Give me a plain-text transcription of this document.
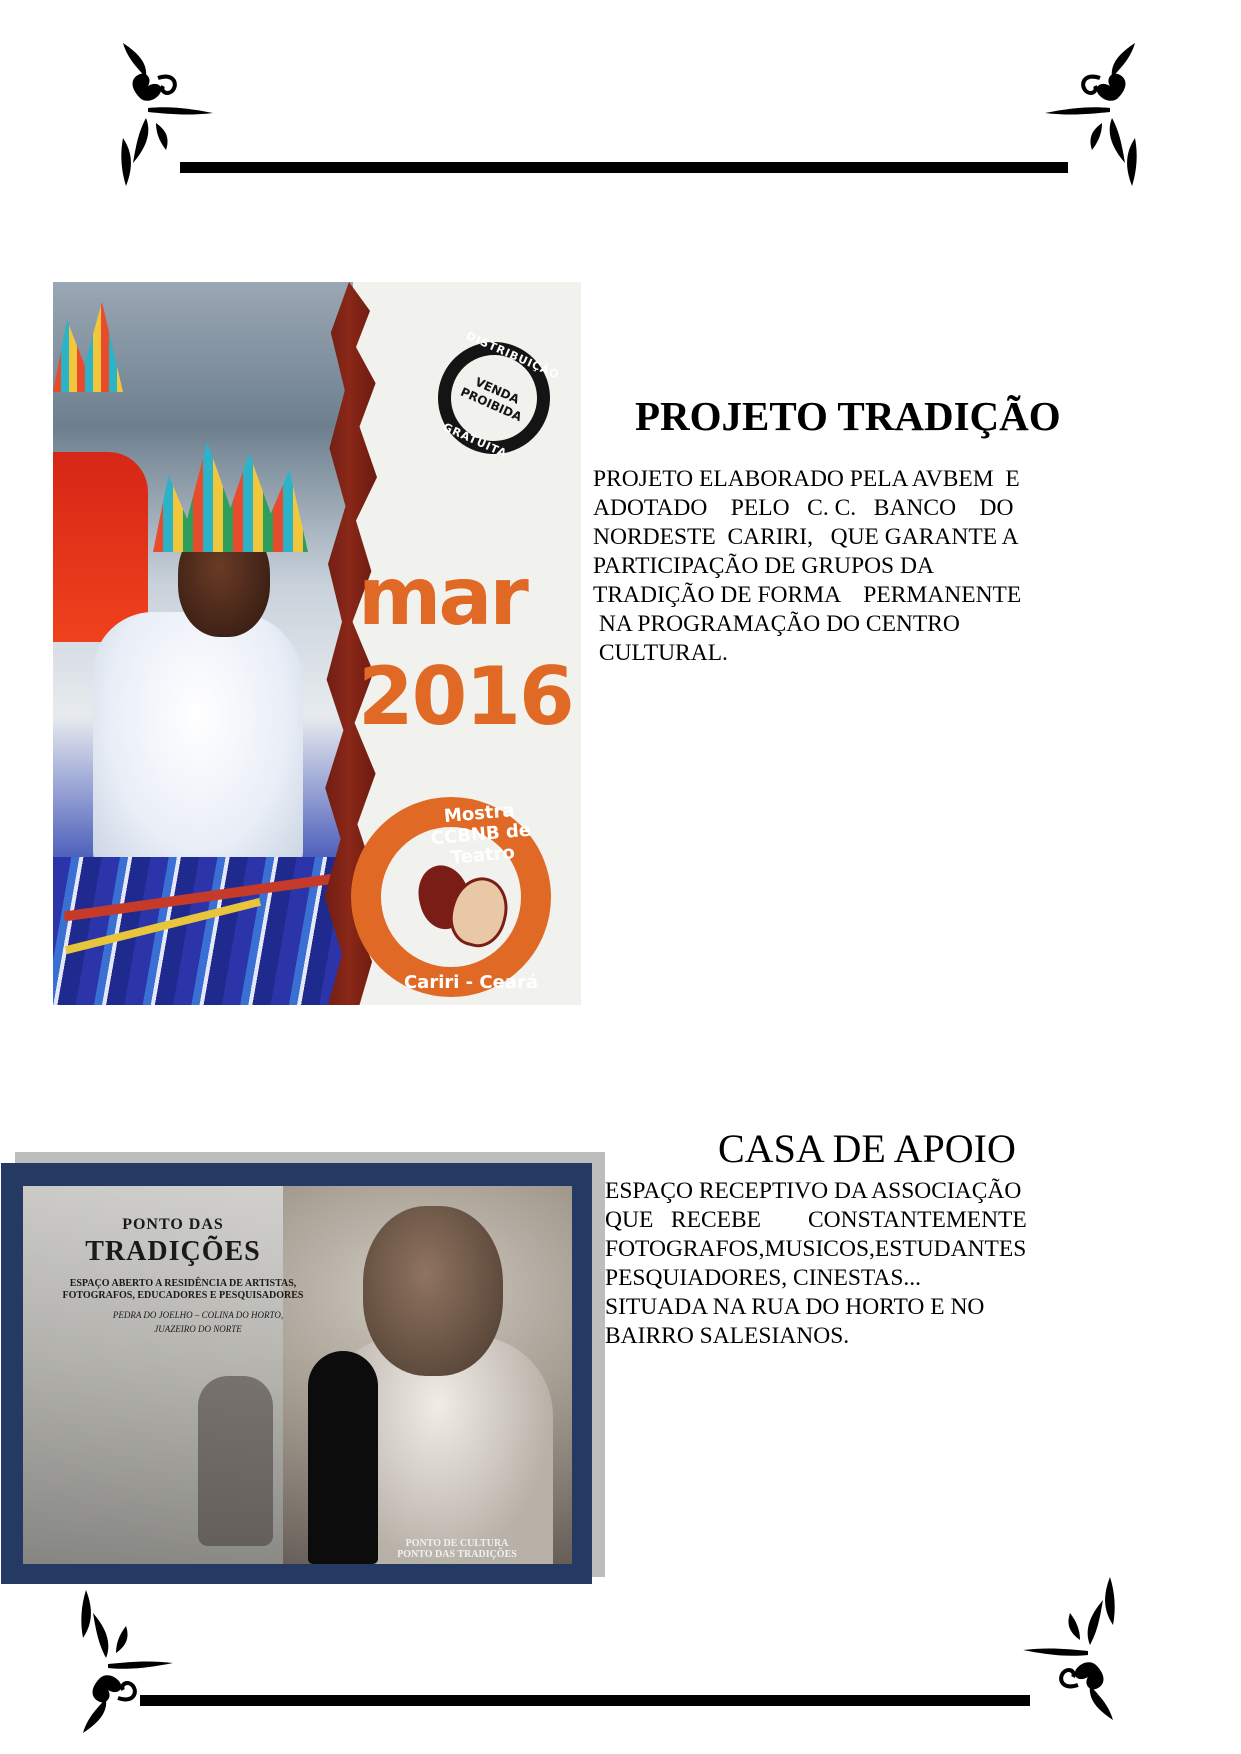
DISTRIBUIÇÃO
VENDA PROIBIDA
GRATUITA
mar
2016
Mostra CCBNB de Teatro
Cariri - Ceará
PROJETO TRADIÇÃO

PROJETO ELABORADO PELA AVBEM  E
ADOTADO    PELO   C. C.   BANCO    DO
NORDESTE  CARIRI,   QUE GARANTE A
PARTICIPAÇÃO DE GRUPOS DA
TRADIÇÃO DE FORMA    PERMANENTE
NA PROGRAMAÇÃO DO CENTRO
CULTURAL.

PONTO DAS
TRADIÇÕES
ESPAÇO ABERTO A RESIDÊNCIA DE ARTISTAS, FOTOGRAFOS, EDUCADORES E PESQUISADORES
PEDRA DO JOELHO – COLINA DO HORTO,
JUAZEIRO DO NORTE
PONTO DE CULTURA
PONTO DAS TRADIÇÕES
CASA DE APOIO

ESPAÇO RECEPTIVO DA ASSOCIAÇÃO
QUE   RECEBE        CONSTANTEMENTE
FOTOGRAFOS,MUSICOS,ESTUDANTES
PESQUIADORES, CINESTAS...
SITUADA NA RUA DO HORTO E NO
BAIRRO SALESIANOS.
